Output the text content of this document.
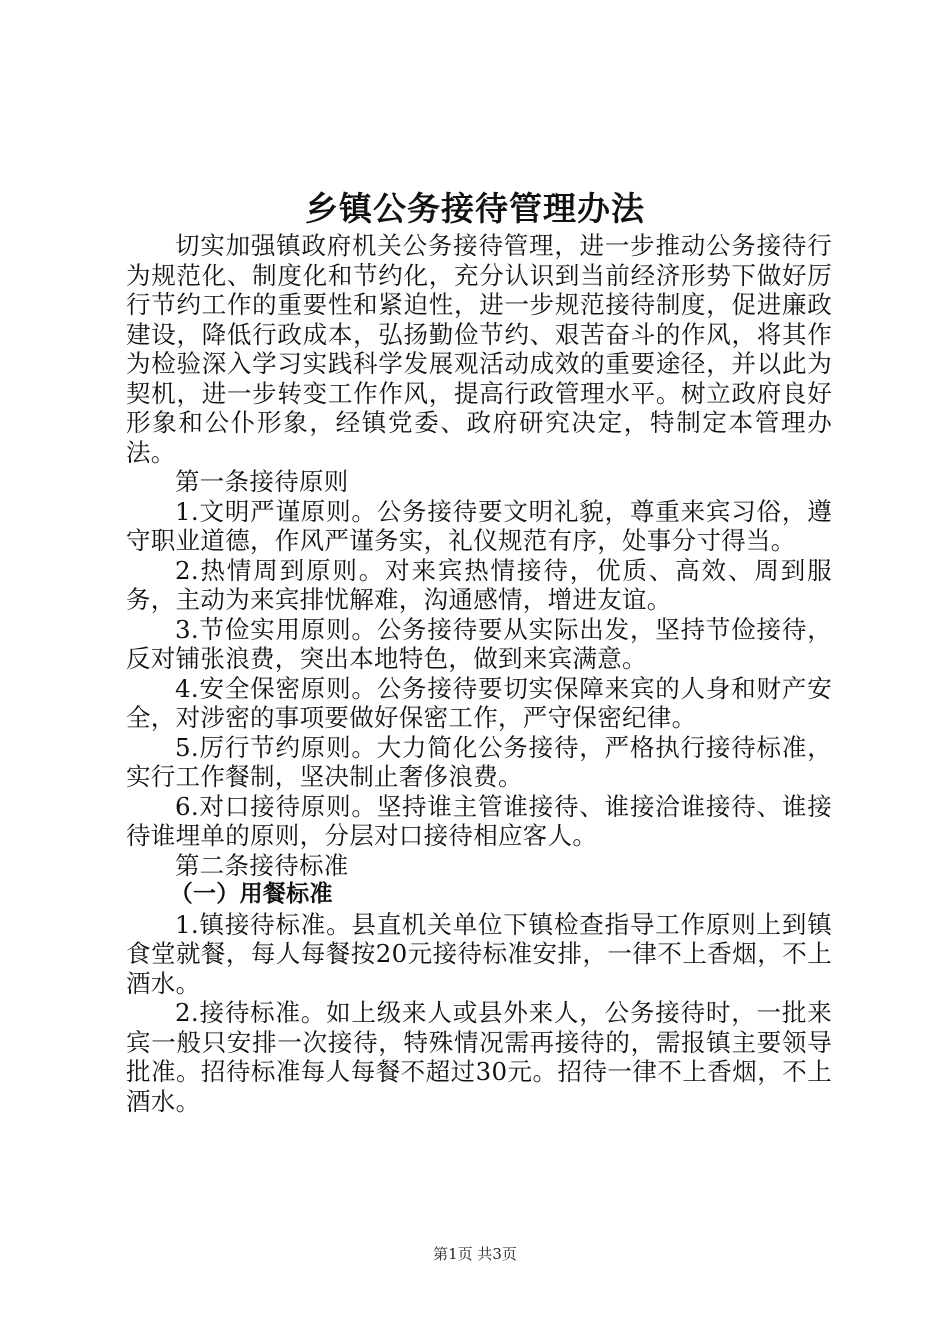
乡镇公务接待管理办法

切实加强镇政府机关公务接待管理，进一步推动公务接待行为规范化、制度化和节约化，充分认识到当前经济形势下做好厉行节约工作的重要性和紧迫性，进一步规范接待制度，促进廉政建设，降低行政成本，弘扬勤俭节约、艰苦奋斗的作风，将其作为检验深入学习实践科学发展观活动成效的重要途径，并以此为契机，进一步转变工作作风，提高行政管理水平。树立政府良好形象和公仆形象，经镇党委、政府研究决定，特制定本管理办法。

第一条接待原则

1.文明严谨原则。公务接待要文明礼貌，尊重来宾习俗，遵守职业道德，作风严谨务实，礼仪规范有序，处事分寸得当。

2.热情周到原则。对来宾热情接待，优质、高效、周到服务，主动为来宾排忧解难，沟通感情，增进友谊。

3.节俭实用原则。公务接待要从实际出发，坚持节俭接待，反对铺张浪费，突出本地特色，做到来宾满意。

4.安全保密原则。公务接待要切实保障来宾的人身和财产安全，对涉密的事项要做好保密工作，严守保密纪律。

5.厉行节约原则。大力简化公务接待，严格执行接待标准，实行工作餐制，坚决制止奢侈浪费。

6.对口接待原则。坚持谁主管谁接待、谁接洽谁接待、谁接待谁埋单的原则，分层对口接待相应客人。

第二条接待标准

（一）用餐标准

1.镇接待标准。县直机关单位下镇检查指导工作原则上到镇食堂就餐，每人每餐按20元接待标准安排，一律不上香烟，不上酒水。

2.接待标准。如上级来人或县外来人，公务接待时，一批来宾一般只安排一次接待，特殊情况需再接待的，需报镇主要领导批准。招待标准每人每餐不超过30元。招待一律不上香烟，不上酒水。

第1页 共3页
